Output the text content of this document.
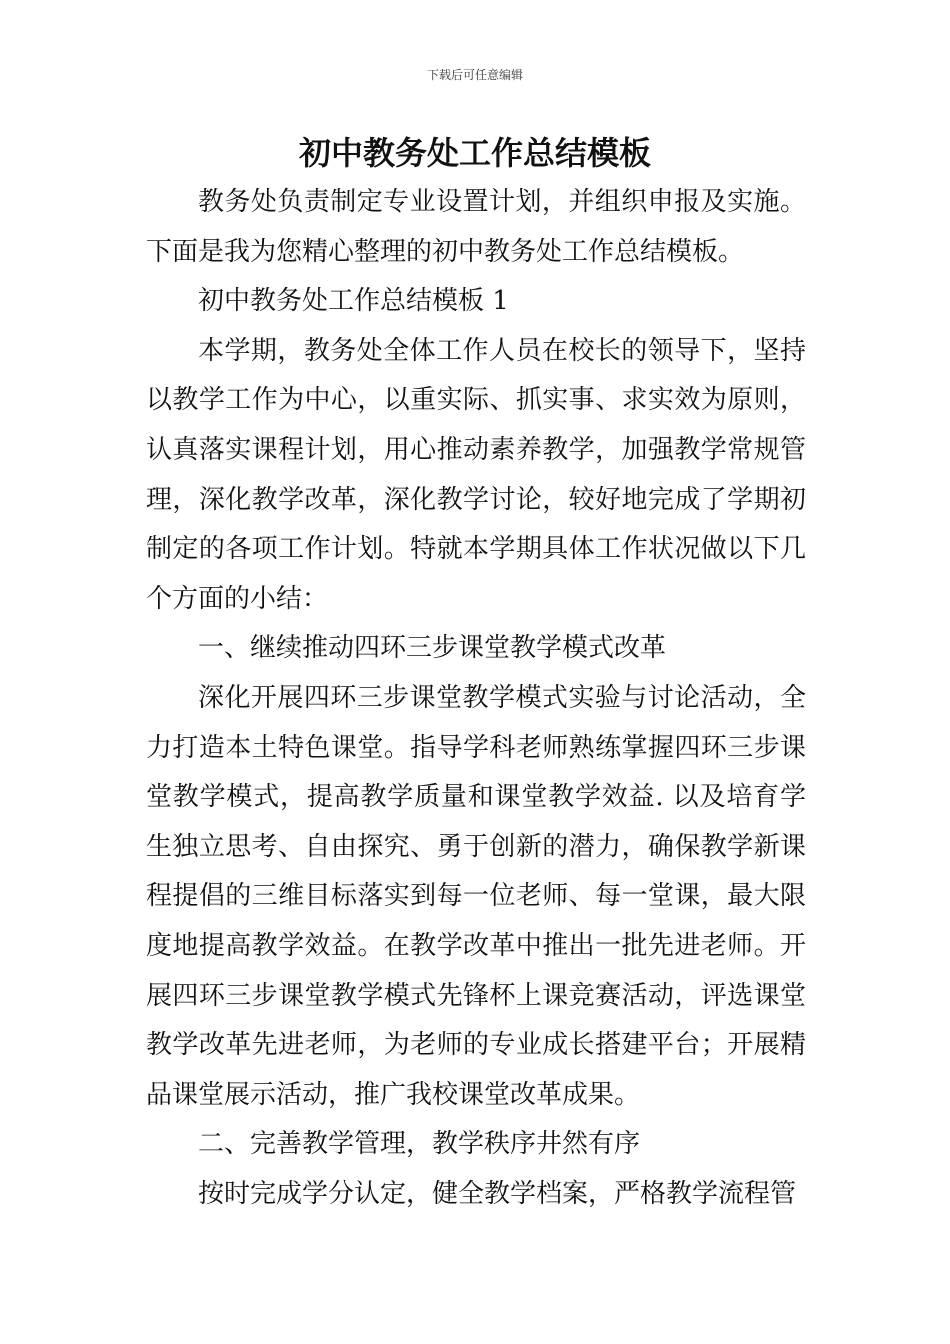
下载后可任意编辑
初中教务处工作总结模板

教务处负责制定专业设置计划，并组织申报及实施。下面是我为您精心整理的初中教务处工作总结模板。

初中教务处工作总结模板 1

本学期，教务处全体工作人员在校长的领导下，坚持以教学工作为中心，以重实际、抓实事、求实效为原则，认真落实课程计划，用心推动素养教学，加强教学常规管理，深化教学改革，深化教学讨论，较好地完成了学期初制定的各项工作计划。特就本学期具体工作状况做以下几个方面的小结：

一、继续推动四环三步课堂教学模式改革

深化开展四环三步课堂教学模式实验与讨论活动，全力打造本土特色课堂。指导学科老师熟练掌握四环三步课堂教学模式，提高教学质量和课堂教学效益. 以及培育学生独立思考、自由探究、勇于创新的潜力，确保教学新课程提倡的三维目标落实到每一位老师、每一堂课，最大限度地提高教学效益。在教学改革中推出一批先进老师。开展四环三步课堂教学模式先锋杯上课竞赛活动，评选课堂教学改革先进老师，为老师的专业成长搭建平台；开展精品课堂展示活动，推广我校课堂改革成果。

二、完善教学管理，教学秩序井然有序

按时完成学分认定，健全教学档案，严格教学流程管
